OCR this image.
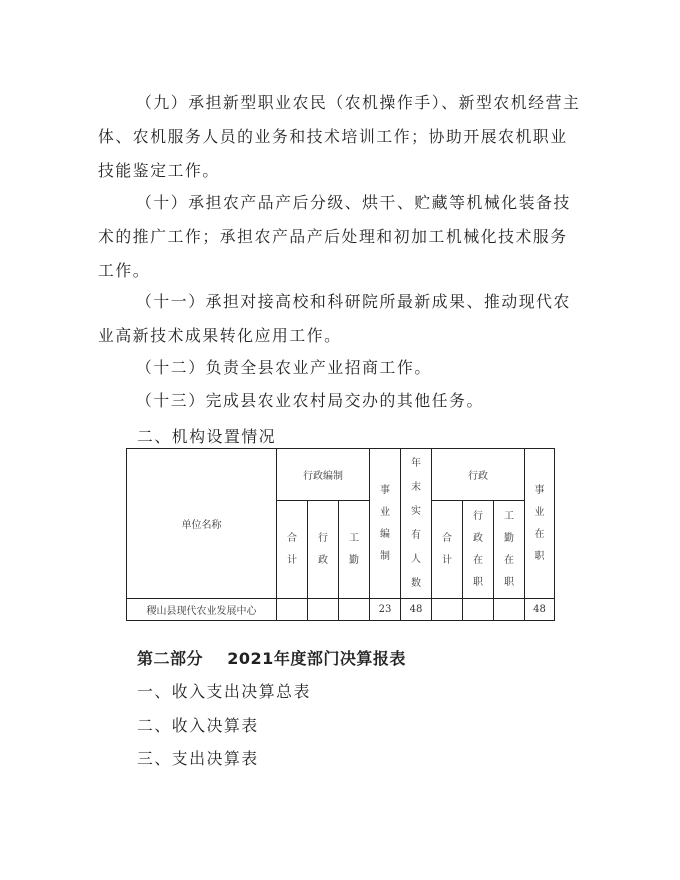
（九）承担新型职业农民（农机操作手）、新型农机经营主体、农机服务人员的业务和技术培训工作；协助开展农机职业技能鉴定工作。

（十）承担农产品产后分级、烘干、贮藏等机械化装备技术的推广工作；承担农产品产后处理和初加工机械化技术服务工作。

（十一）承担对接高校和科研院所最新成果、推动现代农业高新技术成果转化应用工作。

（十二）负责全县农业产业招商工作。

（十三）完成县农业农村局交办的其他任务。

二、机构设置情况

单位名称	行政编制			事业编制	年末实有人数	行政			事业在职
	合计	行政	工勤			合计	行政在职	工勤在职	
稷山县现代农业发展中心				23	48				48

第二部分    2021年度部门决算报表

一、收入支出决算总表

二、收入决算表

三、支出决算表
